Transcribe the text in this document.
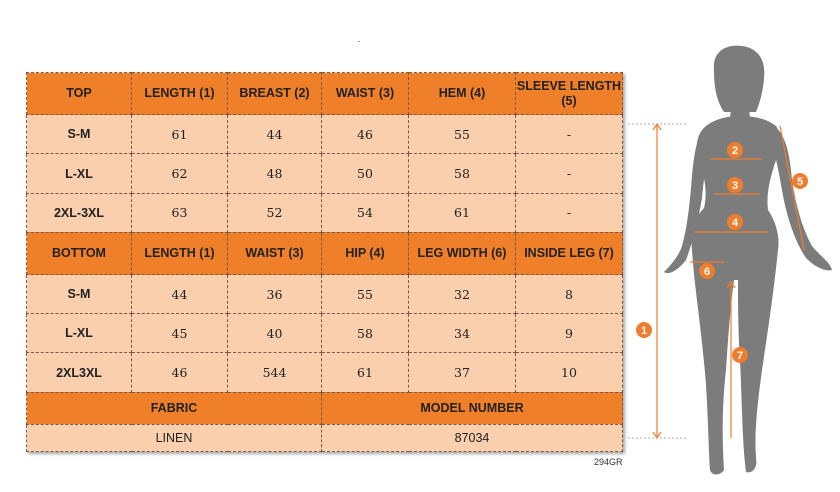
TOP	LENGTH (1)	BREAST (2)	WAIST (3)	HEM (4)	SLEEVE LENGTH (5)
S-M	61	44	46	55	-
L-XL	62	48	50	58	-
2XL-3XL	63	52	54	61	-
BOTTOM	LENGTH (1)	WAIST (3)	HIP (4)	LEG WIDTH (6)	INSIDE LEG (7)
S-M	44	36	55	32	8
L-XL	45	40	58	34	9
2XL3XL	46	544	61	37	10
FABRIC			MODEL NUMBER		
LINEN			87034		
294GR
1
2
3
4
5
6
7
